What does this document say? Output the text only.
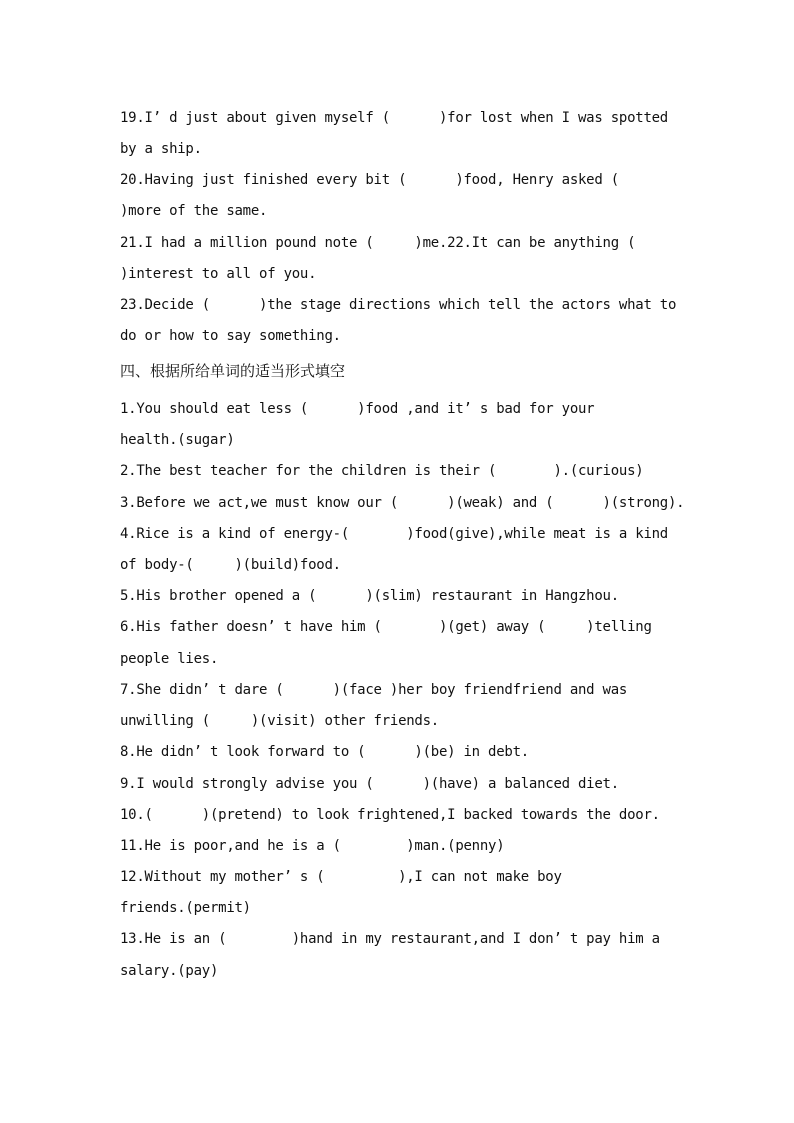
19.I’ d just about given myself (      )for lost when I was spotted
by a ship.
20.Having just finished every bit (      )food, Henry asked (
)more of the same.
21.I had a million pound note (     )me.22.It can be anything (
)interest to all of you.
23.Decide (      )the stage directions which tell the actors what to
do or how to say something.
四、根据所给单词的适当形式填空
1.You should eat less (      )food ,and it’ s bad for your
health.(sugar)
2.The best teacher for the children is their (       ).(curious)
3.Before we act,we must know our (      )(weak) and (      )(strong).
4.Rice is a kind of energy-(       )food(give),while meat is a kind
of body-(     )(build)food.
5.His brother opened a (      )(slim) restaurant in Hangzhou.
6.His father doesn’ t have him (       )(get) away (     )telling
people lies.
7.She didn’ t dare (      )(face )her boy friendfriend and was
unwilling (     )(visit) other friends.
8.He didn’ t look forward to (      )(be) in debt.
9.I would strongly advise you (      )(have) a balanced diet.
10.(      )(pretend) to look frightened,I backed towards the door.
11.He is poor,and he is a (        )man.(penny)
12.Without my mother’ s (         ),I can not make boy
friends.(permit)
13.He is an (        )hand in my restaurant,and I don’ t pay him a
salary.(pay)
